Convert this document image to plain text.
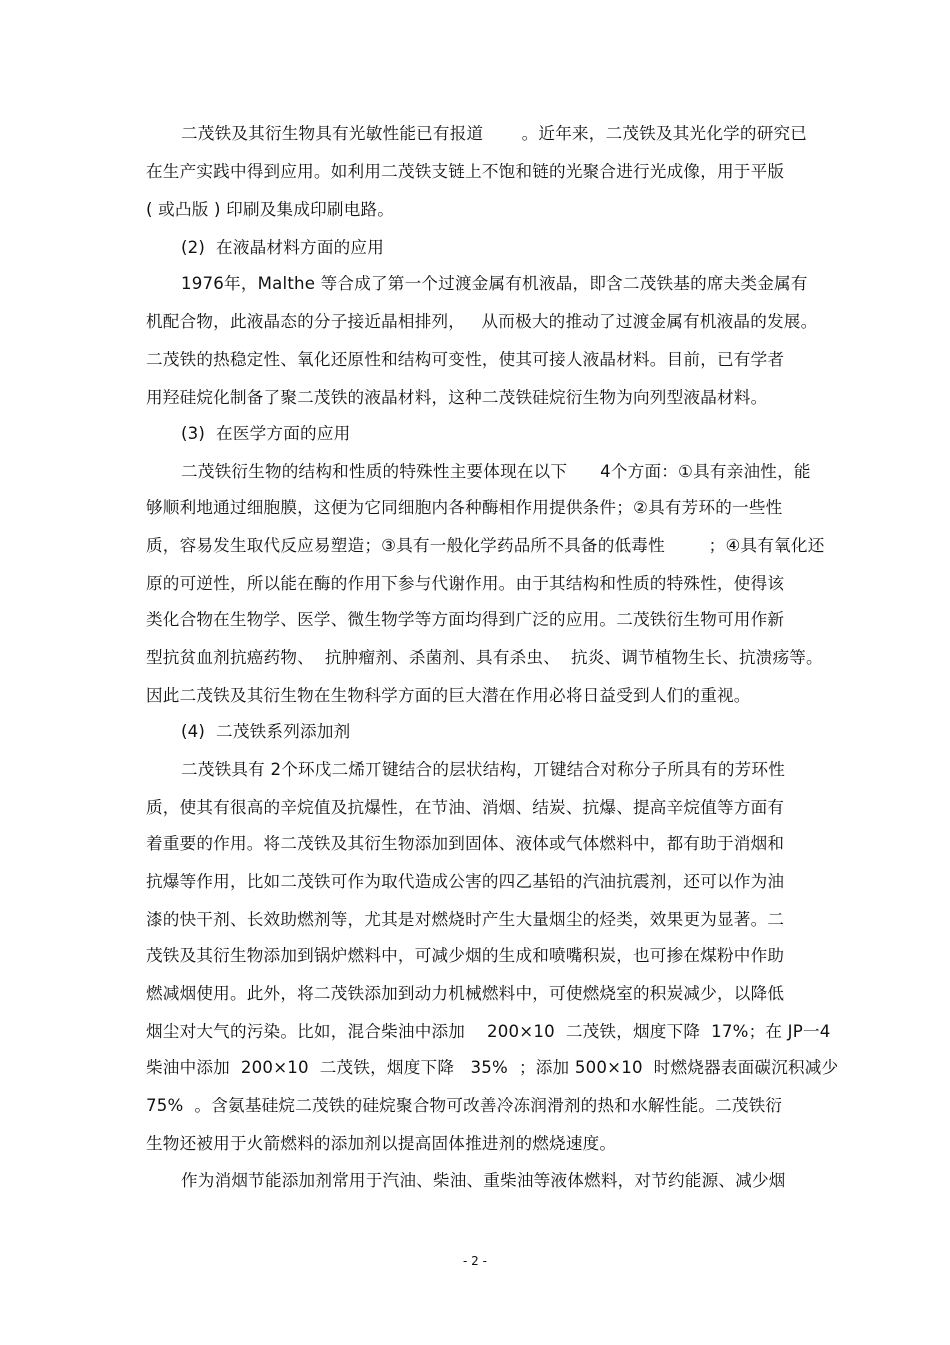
二茂铁及其衍生物具有光敏性能已有报道       。近年来，二茂铁及其光化学的研究已
在生产实践中得到应用。如利用二茂铁支链上不饱和链的光聚合进行光成像，用于平版
( 或凸版 ) 印刷及集成印刷电路。
(2)  在液晶材料方面的应用
1976年，Malthe 等合成了第一个过渡金属有机液晶，即含二茂铁基的席夫类金属有
机配合物，此液晶态的分子接近晶相排列，   从而极大的推动了过渡金属有机液晶的发展。
二茂铁的热稳定性、氧化还原性和结构可变性，使其可接人液晶材料。目前，已有学者
用羟硅烷化制备了聚二茂铁的液晶材料，这种二茂铁硅烷衍生物为向列型液晶材料。
(3)  在医学方面的应用
二茂铁衍生物的结构和性质的特殊性主要体现在以下      4个方面：①具有亲油性，能
够顺利地通过细胞膜，这便为它同细胞内各种酶相作用提供条件；②具有芳环的一些性
质，容易发生取代反应易塑造；③具有一般化学药品所不具备的低毒性        ；④具有氧化还
原的可逆性，所以能在酶的作用下参与代谢作用。由于其结构和性质的特殊性，使得该
类化合物在生物学、医学、微生物学等方面均得到广泛的应用。二茂铁衍生物可用作新
型抗贫血剂抗癌药物、  抗肿瘤剂、杀菌剂、具有杀虫、  抗炎、调节植物生长、抗溃疡等。
因此二茂铁及其衍生物在生物科学方面的巨大潜在作用必将日益受到人们的重视。
(4)  二茂铁系列添加剂
二茂铁具有 2个环戊二烯丌键结合的层状结构，丌键结合对称分子所具有的芳环性
质，使其有很高的辛烷值及抗爆性，在节油、消烟、结炭、抗爆、提高辛烷值等方面有
着重要的作用。将二茂铁及其衍生物添加到固体、液体或气体燃料中，都有助于消烟和
抗爆等作用，比如二茂铁可作为取代造成公害的四乙基铅的汽油抗震剂，还可以作为油
漆的快干剂、长效助燃剂等，尤其是对燃烧时产生大量烟尘的烃类，效果更为显著。二
茂铁及其衍生物添加到锅炉燃料中，可减少烟的生成和喷嘴积炭，也可掺在煤粉中作助
燃减烟使用。此外，将二茂铁添加到动力机械燃料中，可使燃烧室的积炭减少，以降低
烟尘对大气的污染。比如，混合柴油中添加    200×10  二茂铁，烟度下降  17%；在 JP一4
柴油中添加  200×10  二茂铁，烟度下降   35%  ；添加 500×10  时燃烧器表面碳沉积减少
75%  。含氨基硅烷二茂铁的硅烷聚合物可改善冷冻润滑剂的热和水解性能。二茂铁衍
生物还被用于火箭燃料的添加剂以提高固体推进剂的燃烧速度。
作为消烟节能添加剂常用于汽油、柴油、重柴油等液体燃料，对节约能源、减少烟
- 2 -
